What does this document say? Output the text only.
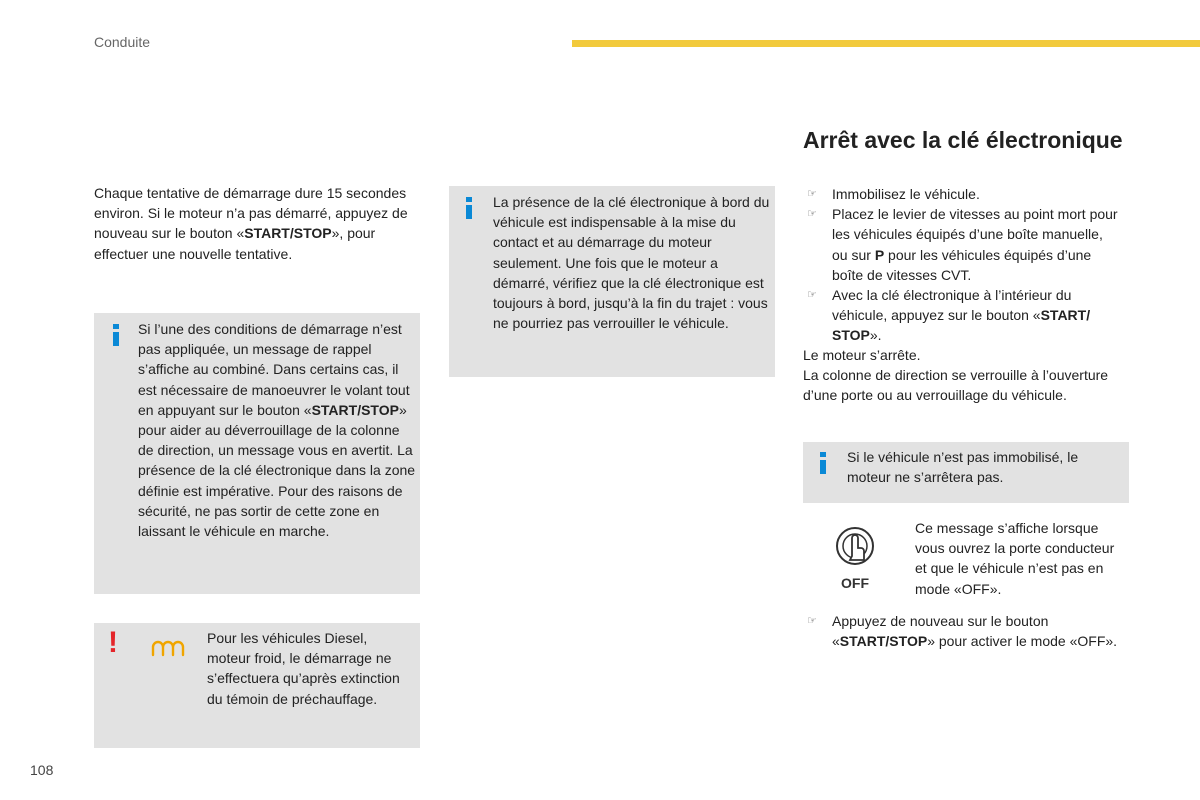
Conduite

Chaque tentative de démarrage dure 15 secondes environ. Si le moteur n’a pas démarré, appuyez de nouveau sur le bouton «START/STOP», pour effectuer une nouvelle tentative.

Si l’une des conditions de démarrage n’est pas appliquée, un message de rappel s’affiche au combiné. Dans certains cas, il est nécessaire de manoeuvrer le volant tout en appuyant sur le bouton «START/STOP» pour aider au déverrouillage de la colonne de direction, un message vous en avertit. La présence de la clé électronique dans la zone définie est impérative. Pour des raisons de sécurité, ne pas sortir de cette zone en laissant le véhicule en marche.

!	Pour les véhicules Diesel, moteur froid, le démarrage ne s’effectuera qu’après extinction du témoin de préchauffage.

La présence de la clé électronique à bord du véhicule est indispensable à la mise du contact et au démarrage du moteur seulement. Une fois que le moteur a démarré, vérifiez que la clé électronique est toujours à bord, jusqu’à la fin du trajet : vous ne pourriez pas verrouiller le véhicule.

Arrêt avec la clé électronique
☞ Immobilisez le véhicule.
☞ Placez le levier de vitesses au point mort pour les véhicules équipés d’une boîte manuelle, ou sur P pour les véhicules équipés d’une boîte de vitesses CVT.
☞ Avec la clé électronique à l’intérieur du véhicule, appuyez sur le bouton «START/ STOP».

Le moteur s’arrête.

La colonne de direction se verrouille à l’ouverture d’une porte ou au verrouillage du véhicule.

Si le véhicule n’est pas immobilisé, le moteur ne s’arrêtera pas.

OFF

Ce message s’affiche lorsque vous ouvrez la porte conducteur et que le véhicule n’est pas en mode «OFF».

☞ Appuyez de nouveau sur le bouton «START/STOP» pour activer le mode «OFF».
108
